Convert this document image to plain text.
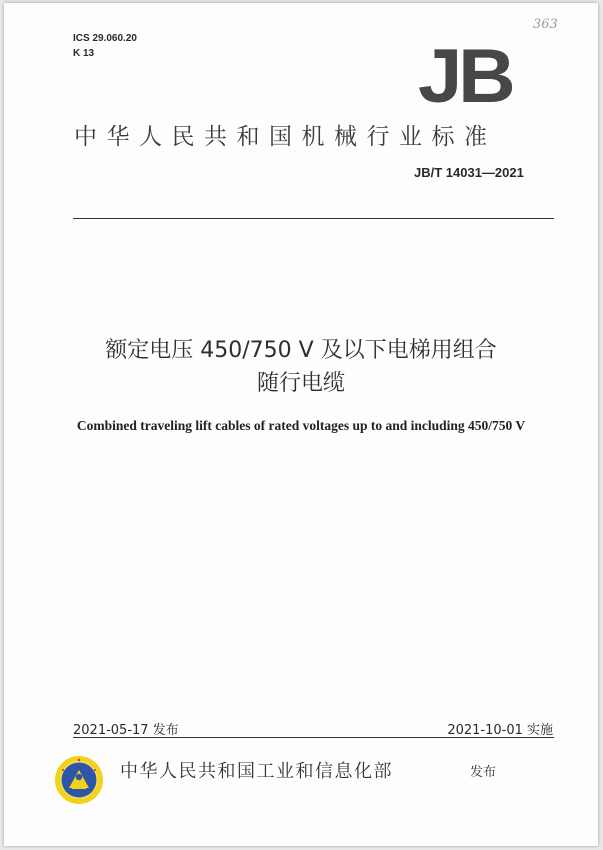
ICS 29.060.20
K 13
363
JB
中华人民共和国机械行业标准
JB/T 14031—2021
额定电压 450/750 V 及以下电梯用组合
随行电缆
Combined traveling lift cables of rated voltages up to and including 450/750 V
2021-05-17 发布	2021-10-01 实施
中华人民共和国工业和信息化部	发布
